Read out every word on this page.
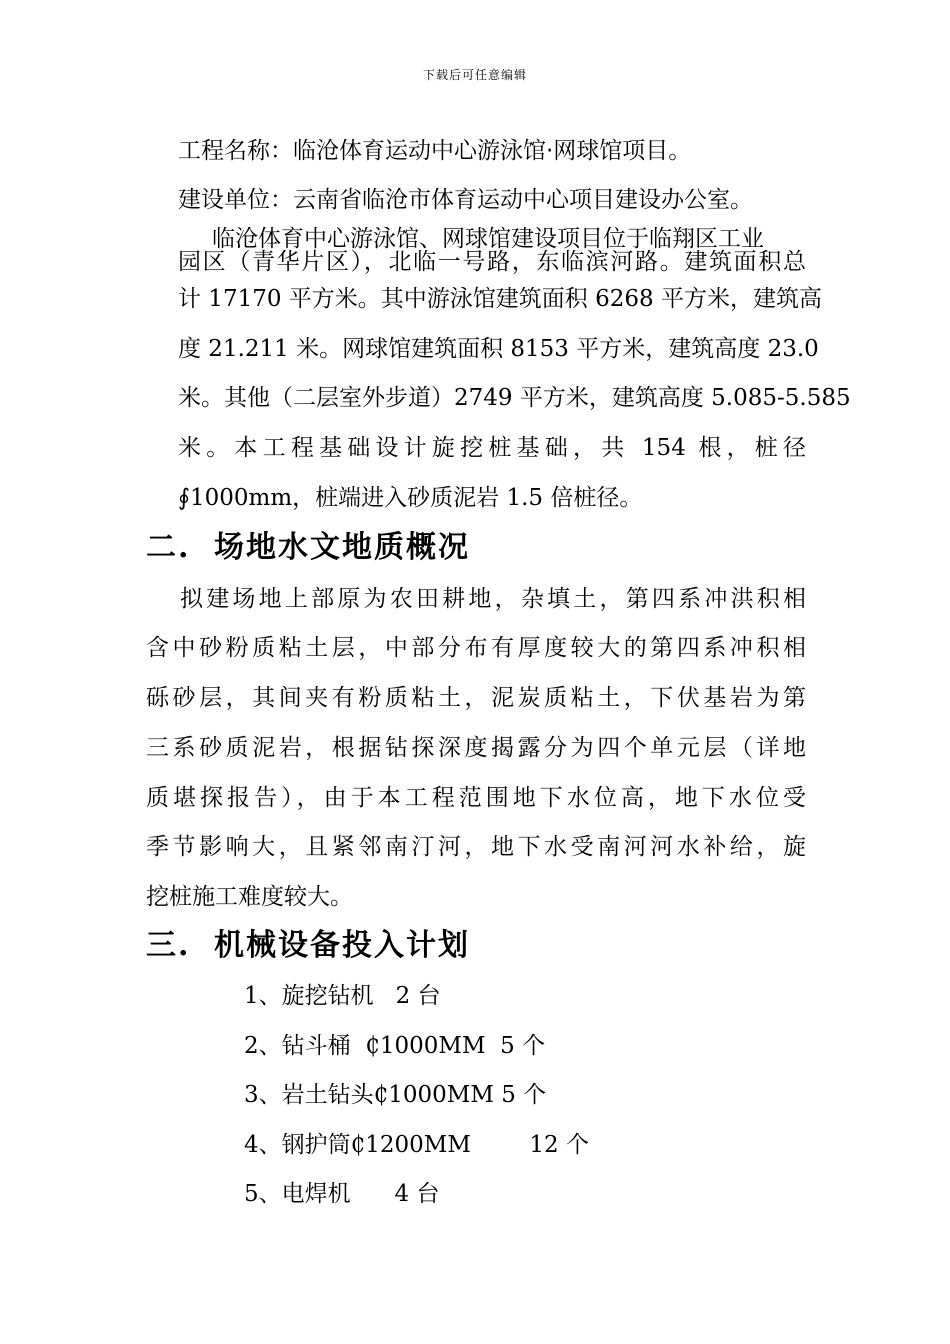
下载后可任意编辑
工程名称：临沧体育运动中心游泳馆·网球馆项目。
建设单位：云南省临沧市体育运动中心项目建设办公室。
临沧体育中心游泳馆、网球馆建设项目位于临翔区工业
园区（青华片区），北临一号路，东临滨河路。建筑面积总
计 17170 平方米。其中游泳馆建筑面积 6268 平方米，建筑高
度 21.211 米。网球馆建筑面积 8153 平方米，建筑高度 23.0
米。其他（二层室外步道）2749 平方米，建筑高度 5.085-5.585
米。本工程基础设计旋挖桩基础，共 154 根，桩径
∮1000mm，桩端进入砂质泥岩 1.5 倍桩径。
二. 场地水文地质概况
拟建场地上部原为农田耕地，杂填土，第四系冲洪积相
含中砂粉质粘土层，中部分布有厚度较大的第四系冲积相
砾砂层，其间夹有粉质粘土，泥炭质粘土，下伏基岩为第
三系砂质泥岩，根据钻探深度揭露分为四个单元层（详地
质堪探报告），由于本工程范围地下水位高，地下水位受
季节影响大，且紧邻南汀河，地下水受南河河水补给，旋
挖桩施工难度较大。
三. 机械设备投入计划
1、旋挖钻机   2 台
2、钻斗桶  ₵1000MM  5 个
3、岩土钻头₵1000MM 5 个
4、钢护筒₵1200MM        12 个
5、电焊机      4 台
